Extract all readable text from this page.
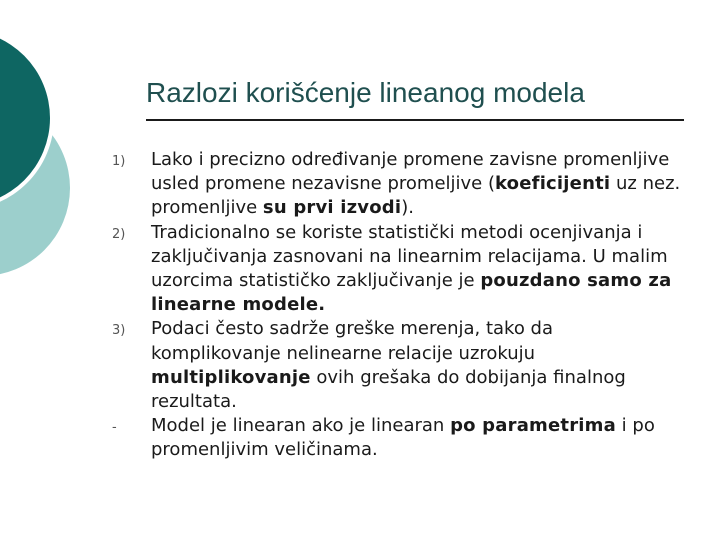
Razlozi korišćenje lineanog modela
1) Lako i precizno određivanje promene zavisne promenljive usled promene nezavisne promeljive (koeficijenti uz nez. promenljive su prvi izvodi).
2) Tradicionalno se koriste statistički metodi ocenjivanja i zaključivanja zasnovani na linearnim relacijama. U malim uzorcima statističko zaključivanje je pouzdano samo za linearne modele.
3) Podaci često sadrže greške merenja, tako da komplikovanje nelinearne relacije uzrokuju multiplikovanje ovih grešaka do dobijanja finalnog rezultata.
- Model je linearan ako je linearan po parametrima i po promenljivim veličinama.
